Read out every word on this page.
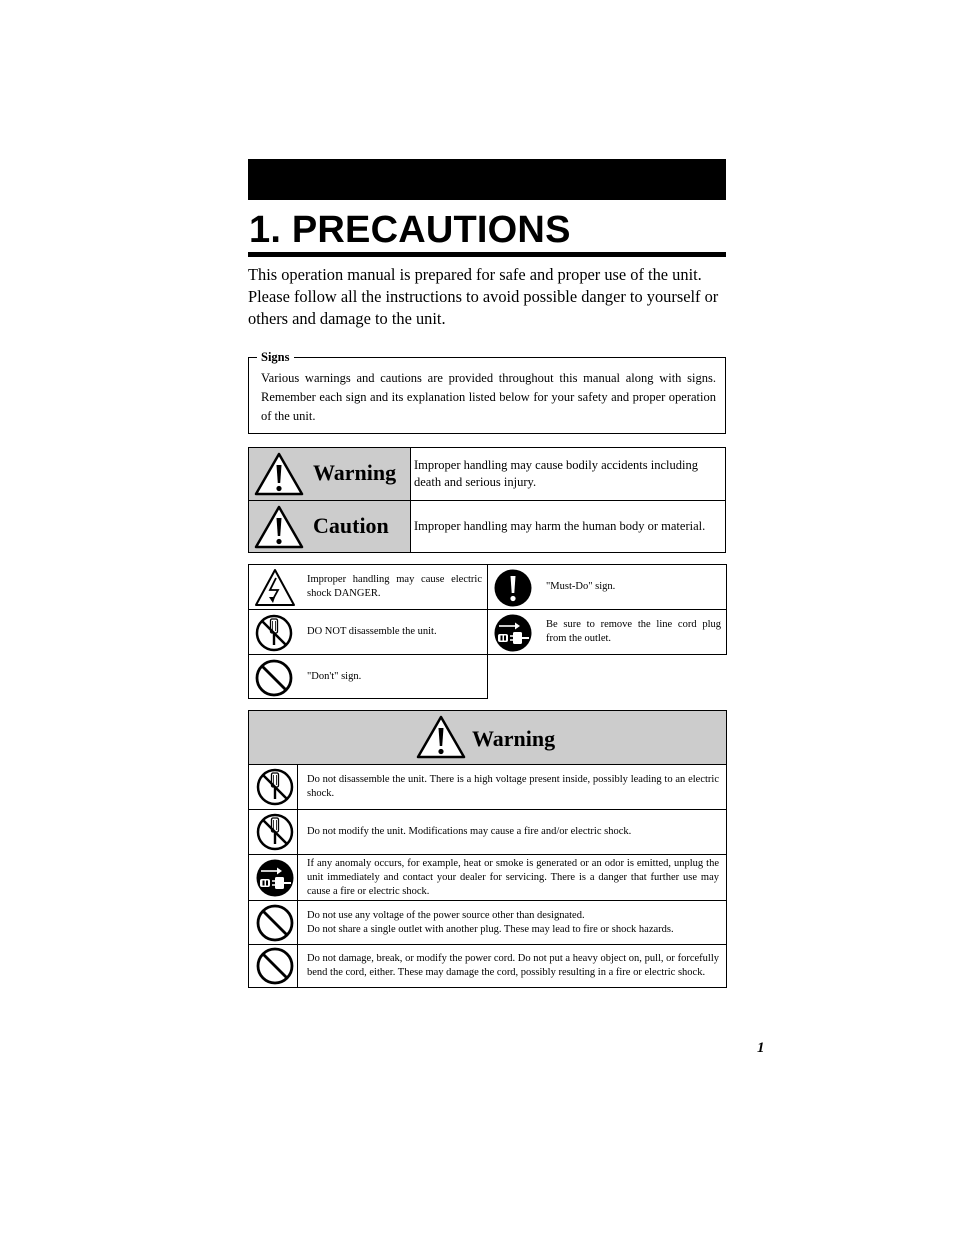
1. PRECAUTIONS

This operation manual is prepared for safe and proper use of the unit. Please follow all the instructions to avoid possible danger to yourself or others and damage to the unit.

Signs

Various warnings and cautions are provided throughout this manual along with signs. Remember each sign and its explanation listed below for your safety and proper operation of the unit.

Warning Improper handling may cause bodily accidents including death and serious injury.
Caution Improper handling may harm the human body or material.
Improper handling may cause electric shock DANGER.
"Must-Do" sign.
DO NOT disassemble the unit.
Be sure to remove the line cord plug from the outlet.
"Don't" sign.
Warning
Do not disassemble the unit. There is a high voltage present inside, possibly leading to an electric shock.
Do not modify the unit. Modifications may cause a fire and/or electric shock.
If any anomaly occurs, for example, heat or smoke is generated or an odor is emitted, unplug the unit immediately and contact your dealer for servicing. There is a danger that further use may cause a fire or electric shock.
Do not use any voltage of the power source other than designated.
Do not share a single outlet with another plug. These may lead to fire or shock hazards.
Do not damage, break, or modify the power cord. Do not put a heavy object on, pull, or forcefully bend the cord, either. These may damage the cord, possibly resulting in a fire or electric shock.
1
